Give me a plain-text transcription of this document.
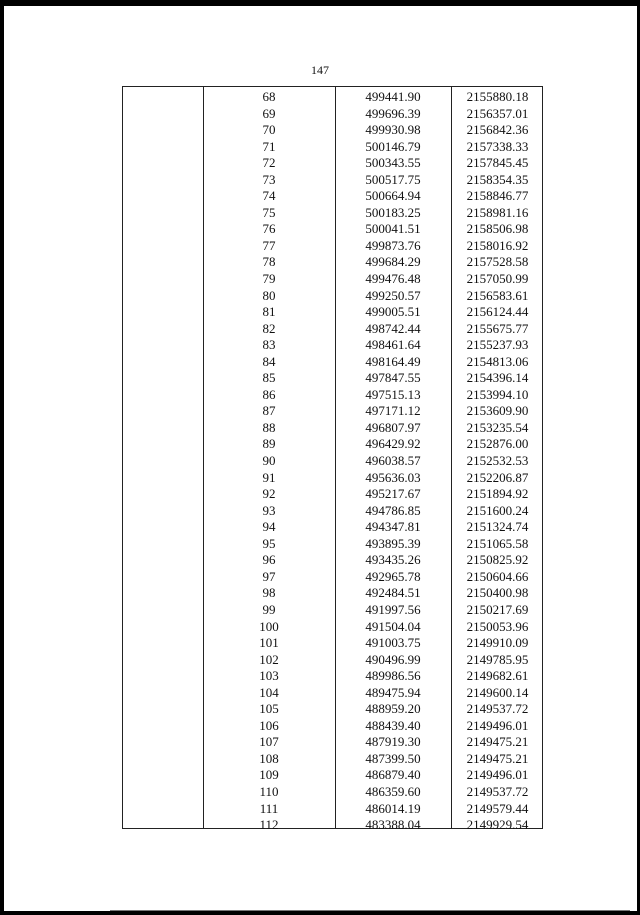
147
68	499441.90	2155880.18
69	499696.39	2156357.01
70	499930.98	2156842.36
71	500146.79	2157338.33
72	500343.55	2157845.45
73	500517.75	2158354.35
74	500664.94	2158846.77
75	500183.25	2158981.16
76	500041.51	2158506.98
77	499873.76	2158016.92
78	499684.29	2157528.58
79	499476.48	2157050.99
80	499250.57	2156583.61
81	499005.51	2156124.44
82	498742.44	2155675.77
83	498461.64	2155237.93
84	498164.49	2154813.06
85	497847.55	2154396.14
86	497515.13	2153994.10
87	497171.12	2153609.90
88	496807.97	2153235.54
89	496429.92	2152876.00
90	496038.57	2152532.53
91	495636.03	2152206.87
92	495217.67	2151894.92
93	494786.85	2151600.24
94	494347.81	2151324.74
95	493895.39	2151065.58
96	493435.26	2150825.92
97	492965.78	2150604.66
98	492484.51	2150400.98
99	491997.56	2150217.69
100	491504.04	2150053.96
101	491003.75	2149910.09
102	490496.99	2149785.95
103	489986.56	2149682.61
104	489475.94	2149600.14
105	488959.20	2149537.72
106	488439.40	2149496.01
107	487919.30	2149475.21
108	487399.50	2149475.21
109	486879.40	2149496.01
110	486359.60	2149537.72
111	486014.19	2149579.44
112	483388.04	2149929.54
